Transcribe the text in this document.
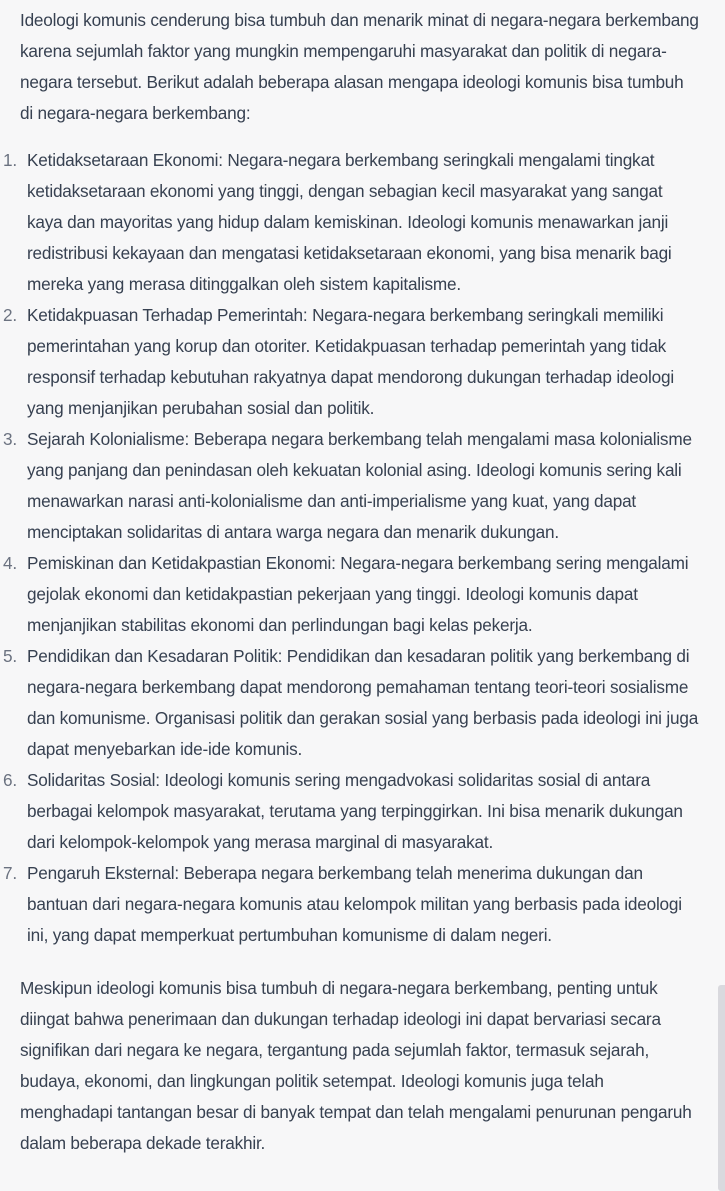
Ideologi komunis cenderung bisa tumbuh dan menarik minat di negara-negara berkembang karena sejumlah faktor yang mungkin mempengaruhi masyarakat dan politik di negara-negara tersebut. Berikut adalah beberapa alasan mengapa ideologi komunis bisa tumbuh di negara-negara berkembang:

1. Ketidaksetaraan Ekonomi: Negara-negara berkembang seringkali mengalami tingkat ketidaksetaraan ekonomi yang tinggi, dengan sebagian kecil masyarakat yang sangat kaya dan mayoritas yang hidup dalam kemiskinan. Ideologi komunis menawarkan janji redistribusi kekayaan dan mengatasi ketidaksetaraan ekonomi, yang bisa menarik bagi mereka yang merasa ditinggalkan oleh sistem kapitalisme.
2. Ketidakpuasan Terhadap Pemerintah: Negara-negara berkembang seringkali memiliki pemerintahan yang korup dan otoriter. Ketidakpuasan terhadap pemerintah yang tidak responsif terhadap kebutuhan rakyatnya dapat mendorong dukungan terhadap ideologi yang menjanjikan perubahan sosial dan politik.
3. Sejarah Kolonialisme: Beberapa negara berkembang telah mengalami masa kolonialisme yang panjang dan penindasan oleh kekuatan kolonial asing. Ideologi komunis sering kali menawarkan narasi anti-kolonialisme dan anti-imperialisme yang kuat, yang dapat menciptakan solidaritas di antara warga negara dan menarik dukungan.
4. Pemiskinan dan Ketidakpastian Ekonomi: Negara-negara berkembang sering mengalami gejolak ekonomi dan ketidakpastian pekerjaan yang tinggi. Ideologi komunis dapat menjanjikan stabilitas ekonomi dan perlindungan bagi kelas pekerja.
5. Pendidikan dan Kesadaran Politik: Pendidikan dan kesadaran politik yang berkembang di negara-negara berkembang dapat mendorong pemahaman tentang teori-teori sosialisme dan komunisme. Organisasi politik dan gerakan sosial yang berbasis pada ideologi ini juga dapat menyebarkan ide-ide komunis.
6. Solidaritas Sosial: Ideologi komunis sering mengadvokasi solidaritas sosial di antara berbagai kelompok masyarakat, terutama yang terpinggirkan. Ini bisa menarik dukungan dari kelompok-kelompok yang merasa marginal di masyarakat.
7. Pengaruh Eksternal: Beberapa negara berkembang telah menerima dukungan dan bantuan dari negara-negara komunis atau kelompok militan yang berbasis pada ideologi ini, yang dapat memperkuat pertumbuhan komunisme di dalam negeri.

Meskipun ideologi komunis bisa tumbuh di negara-negara berkembang, penting untuk diingat bahwa penerimaan dan dukungan terhadap ideologi ini dapat bervariasi secara signifikan dari negara ke negara, tergantung pada sejumlah faktor, termasuk sejarah, budaya, ekonomi, dan lingkungan politik setempat. Ideologi komunis juga telah menghadapi tantangan besar di banyak tempat dan telah mengalami penurunan pengaruh dalam beberapa dekade terakhir.
